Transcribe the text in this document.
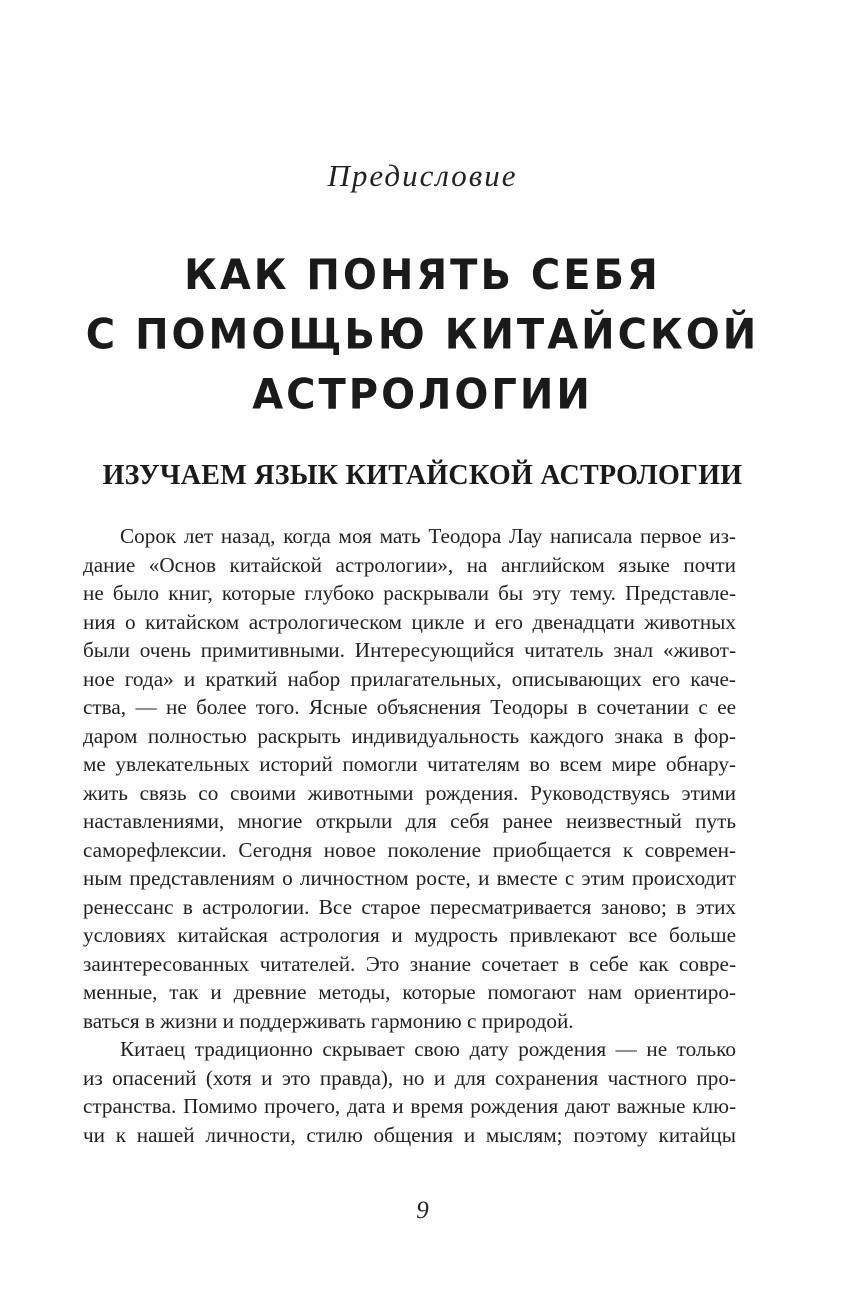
Предисловие
КАК ПОНЯТЬ СЕБЯ
С ПОМОЩЬЮ КИТАЙСКОЙ
АСТРОЛОГИИ
ИЗУЧАЕМ ЯЗЫК КИТАЙСКОЙ АСТРОЛОГИИ
Сорок лет назад, когда моя мать Теодора Лау написала первое из-
дание «Основ китайской астрологии», на английском языке почти
не было книг, которые глубоко раскрывали бы эту тему. Представле-
ния о китайском астрологическом цикле и его двенадцати животных
были очень примитивными. Интересующийся читатель знал «живот-
ное года» и краткий набор прилагательных, описывающих его каче-
ства, — не более того. Ясные объяснения Теодоры в сочетании с ее
даром полностью раскрыть индивидуальность каждого знака в фор-
ме увлекательных историй помогли читателям во всем мире обнару-
жить связь со своими животными рождения. Руководствуясь этими
наставлениями, многие открыли для себя ранее неизвестный путь
саморефлексии. Сегодня новое поколение приобщается к современ-
ным представлениям о личностном росте, и вместе с этим происходит
ренессанс в астрологии. Все старое пересматривается заново; в этих
условиях китайская астрология и мудрость привлекают все больше
заинтересованных читателей. Это знание сочетает в себе как совре-
менные, так и древние методы, которые помогают нам ориентиро-
ваться в жизни и поддерживать гармонию с природой.
Китаец традиционно скрывает свою дату рождения — не только
из опасений (хотя и это правда), но и для сохранения частного про-
странства. Помимо прочего, дата и время рождения дают важные клю-
чи к нашей личности, стилю общения и мыслям; поэтому китайцы
9
